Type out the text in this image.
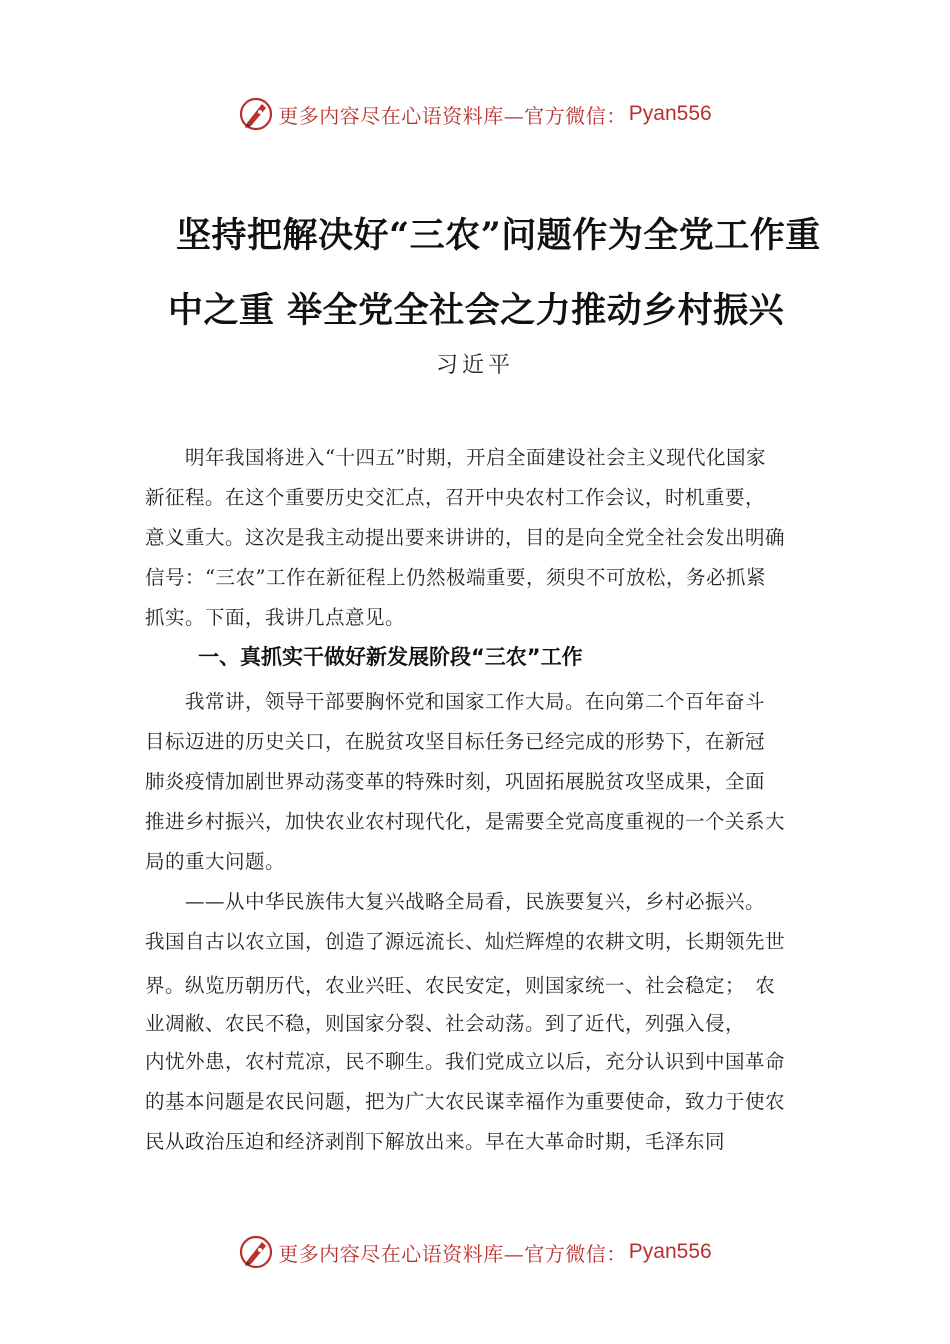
更多内容尽在心语资料库—官方微信： Pyan556
坚持把解决好“三农”问题作为全党工作重
中之重 举全党全社会之力推动乡村振兴
习近平
　　明年我国将进入“十四五”时期，开启全面建设社会主义现代化国家
新征程。在这个重要历史交汇点，召开中央农村工作会议，时机重要，
意义重大。这次是我主动提出要来讲讲的，目的是向全党全社会发出明确
信号：“三农”工作在新征程上仍然极端重要，须臾不可放松，务必抓紧
抓实。下面，我讲几点意见。
一、真抓实干做好新发展阶段“三农”工作
　　我常讲，领导干部要胸怀党和国家工作大局。在向第二个百年奋斗
目标迈进的历史关口，在脱贫攻坚目标任务已经完成的形势下，在新冠
肺炎疫情加剧世界动荡变革的特殊时刻，巩固拓展脱贫攻坚成果，全面
推进乡村振兴，加快农业农村现代化，是需要全党高度重视的一个关系大
局的重大问题。
　　——从中华民族伟大复兴战略全局看，民族要复兴，乡村必振兴。
我国自古以农立国，创造了源远流长、灿烂辉煌的农耕文明，长期领先世
界。纵览历朝历代，农业兴旺、农民安定，则国家统一、社会稳定；　农
业凋敝、农民不稳，则国家分裂、社会动荡。到了近代，列强入侵，
内忧外患，农村荒凉，民不聊生。我们党成立以后，充分认识到中国革命
的基本问题是农民问题，把为广大农民谋幸福作为重要使命，致力于使农
民从政治压迫和经济剥削下解放出来。早在大革命时期，毛泽东同
更多内容尽在心语资料库—官方微信： Pyan556
